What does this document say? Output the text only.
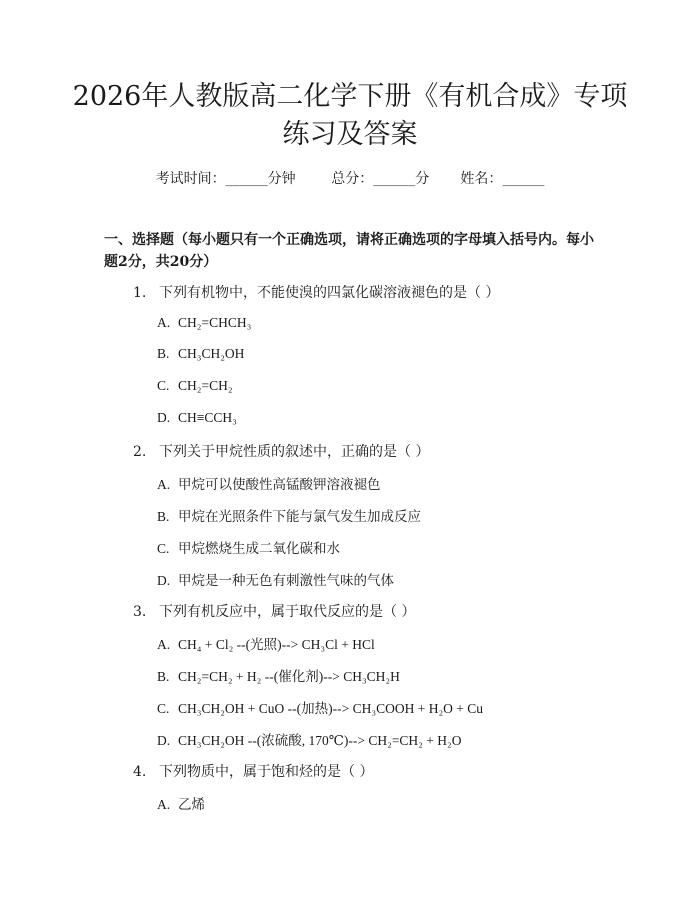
2026年人教版高二化学下册《有机合成》专项练习及答案
考试时间：______分钟	总分：______分 姓名：______
一、选择题（每小题只有一个正确选项，请将正确选项的字母填入括号内。每小题2分，共20分）
1. 下列有机物中，不能使溴的四氯化碳溶液褪色的是（ ）
A. CH₂=CHCH₃
B. CH₃CH₂OH
C. CH₂=CH₂
D. CH≡CCH₃
2. 下列关于甲烷性质的叙述中，正确的是（ ）
A. 甲烷可以使酸性高锰酸钾溶液褪色
B. 甲烷在光照条件下能与氯气发生加成反应
C. 甲烷燃烧生成二氧化碳和水
D. 甲烷是一种无色有刺激性气味的气体
3. 下列有机反应中，属于取代反应的是（ ）
A. CH₄ + Cl₂ --(光照)--> CH₃Cl + HCl
B. CH₂=CH₂ + H₂ --(催化剂)--> CH₃CH₂H
C. CH₃CH₂OH + CuO --(加热)--> CH₃COOH + H₂O + Cu
D. CH₃CH₂OH --(浓硫酸, 170℃)--> CH₂=CH₂ + H₂O
4. 下列物质中，属于饱和烃的是（ ）
A. 乙烯
